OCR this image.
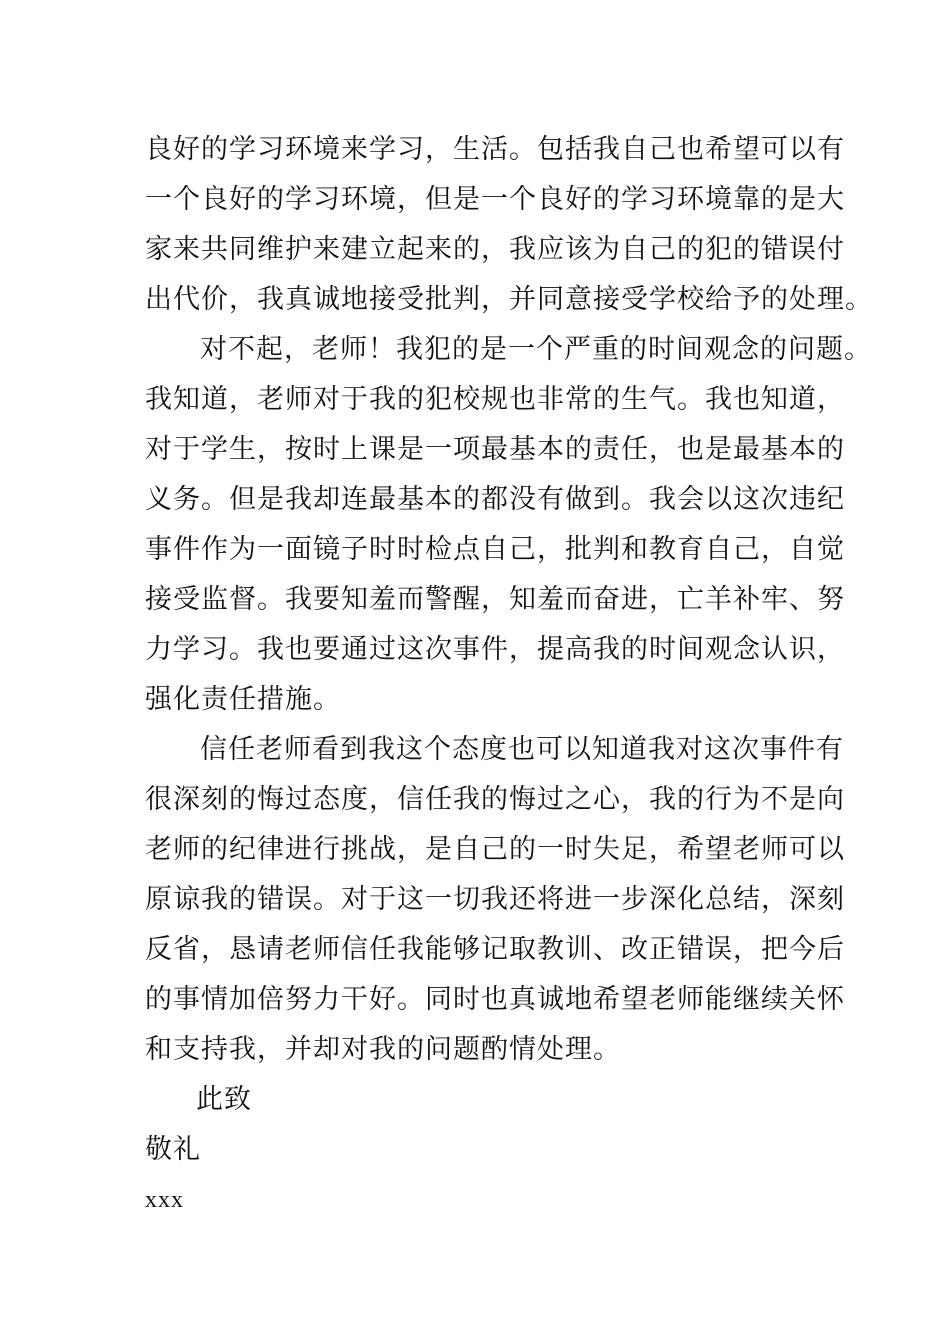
良好的学习环境来学习，生活。包括我自己也希望可以有

一个良好的学习环境，但是一个良好的学习环境靠的是大

家来共同维护来建立起来的，我应该为自己的犯的错误付

出代价，我真诚地接受批判，并同意接受学校给予的处理。

对不起，老师！我犯的是一个严重的时间观念的问题。

我知道，老师对于我的犯校规也非常的生气。我也知道，

对于学生，按时上课是一项最基本的责任，也是最基本的

义务。但是我却连最基本的都没有做到。我会以这次违纪

事件作为一面镜子时时检点自己，批判和教育自己，自觉

接受监督。我要知羞而警醒，知羞而奋进，亡羊补牢、努

力学习。我也要通过这次事件，提高我的时间观念认识，

强化责任措施。

信任老师看到我这个态度也可以知道我对这次事件有

很深刻的悔过态度，信任我的悔过之心，我的行为不是向

老师的纪律进行挑战，是自己的一时失足，希望老师可以

原谅我的错误。对于这一切我还将进一步深化总结，深刻

反省，恳请老师信任我能够记取教训、改正错误，把今后

的事情加倍努力干好。同时也真诚地希望老师能继续关怀

和支持我，并却对我的问题酌情处理。

此致

敬礼

xxx
